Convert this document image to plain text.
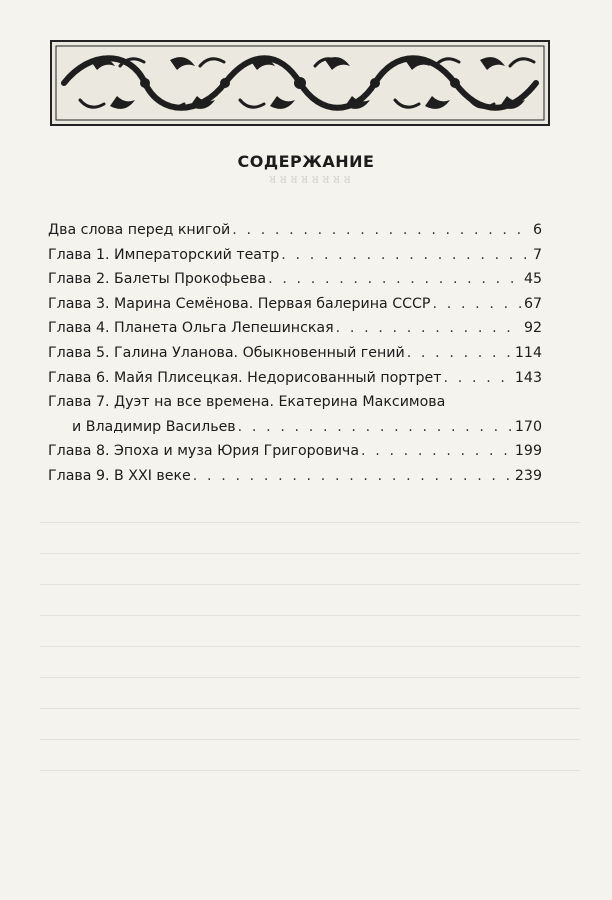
ᴚ ᴚ ᴚ ᴚ ᴚ ᴚ ᴚ ᴚ

СОДЕРЖАНИЕ
Два слова перед книгой . . .	6
Глава 1. Императорский театр . . .	7
Глава 2. Балеты Прокофьева . . .	45
Глава 3. Марина Семёнова. Первая балерина СССР . . .	67
Глава 4. Планета Ольга Лепешинская . . .	92
Глава 5. Галина Уланова. Обыкновенный гений . . .	114
Глава 6. Майя Плисецкая. Недорисованный портрет . . .	143
Глава 7. Дуэт на все времена. Екатерина Максимова
и Владимир Васильев . . .	170
Глава 8. Эпоха и муза Юрия Григоровича . . .	199
Глава 9. В XXI веке . . .	239
